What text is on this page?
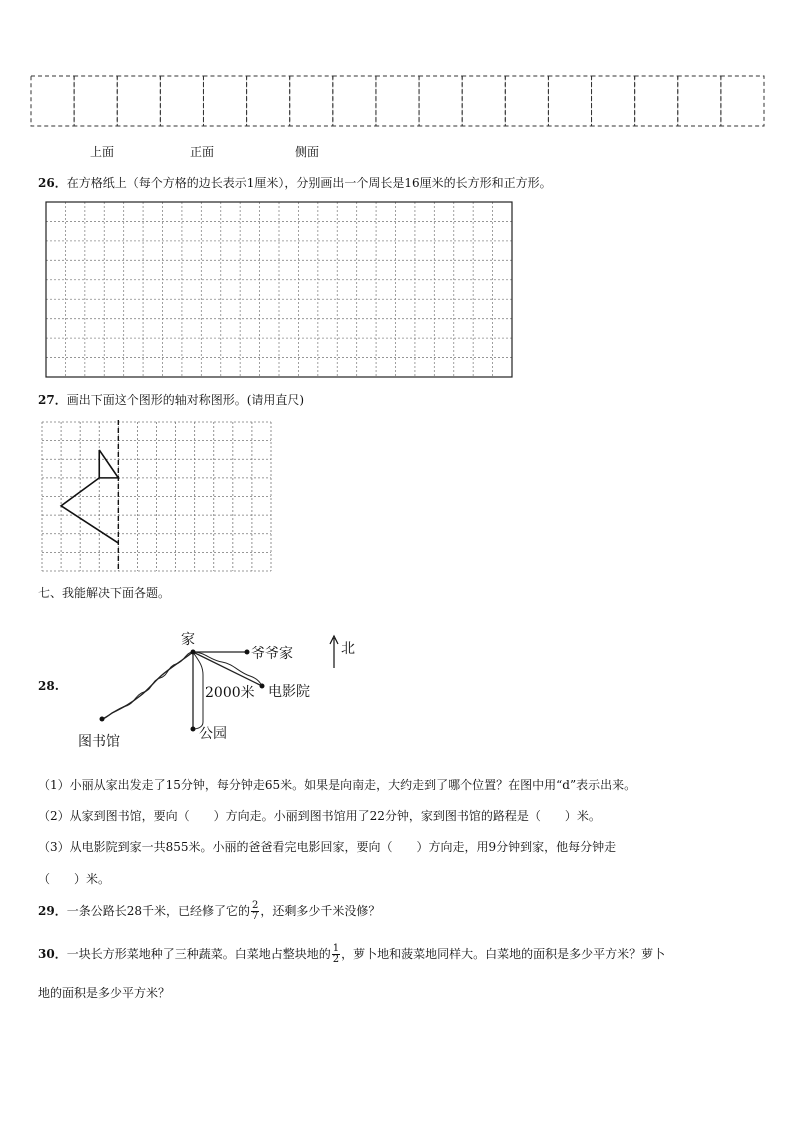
上面	正面	侧面
26．在方格纸上（每个方格的边长表示1厘米），分别画出一个周长是16厘米的长方形和正方形。
27．画出下面这个图形的轴对称图形。(请用直尺)
七、我能解决下面各题。
28.
家
爷爷家
电影院
图书馆	公园
2000米
北
（1）小丽从家出发走了15分钟，每分钟走65米。如果是向南走，大约走到了哪个位置？在图中用“d”表示出来。
（2）从家到图书馆，要向（　　）方向走。小丽到图书馆用了22分钟，家到图书馆的路程是（　　）米。
（3）从电影院到家一共855米。小丽的爸爸看完电影回家，要向（　　）方向走，用9分钟到家，他每分钟走
（　　）米。
29．一条公路长28千米，已经修了它的 $\frac{2}{7}$ ，还剩多少千米没修？
30．一块长方形菜地种了三种蔬菜。白菜地占整块地的 $\frac{1}{2}$ ，萝卜地和菠菜地同样大。白菜地的面积是多少平方米？萝卜
地的面积是多少平方米？
